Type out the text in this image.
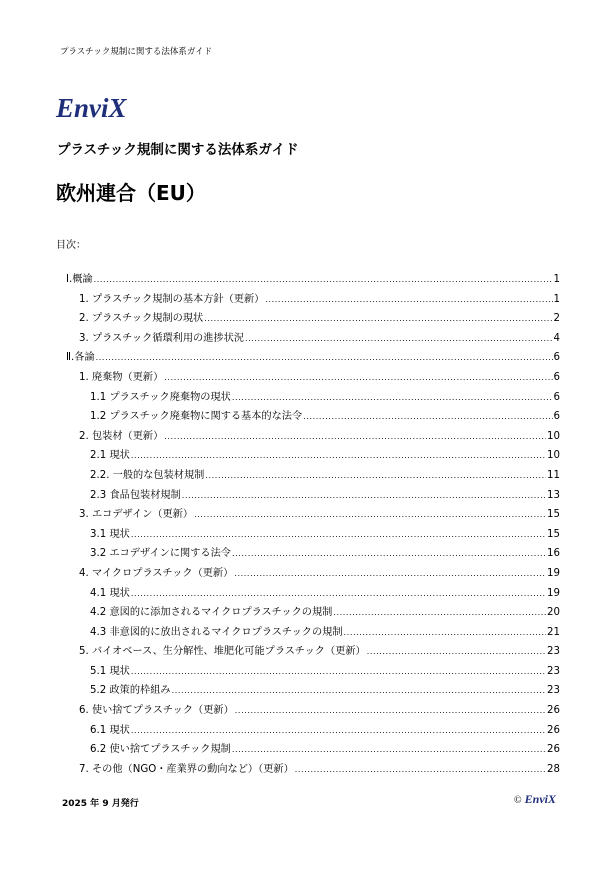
プラスチック規制に関する法体系ガイド
EnviX
プラスチック規制に関する法体系ガイド
欧州連合（EU）
目次：
Ⅰ.概論 .....	1
1. プラスチック規制の基本方針（更新） .....	1
2. プラスチック規制の現状 .....	2
3. プラスチック循環利用の進捗状況 .....	4
Ⅱ.各論 .....	6
1. 廃棄物（更新） .....	6
1.1 プラスチック廃棄物の現状 .....	6
1.2 プラスチック廃棄物に関する基本的な法令 .....	6
2. 包装材（更新） .....	10
2.1 現状 .....	10
2.2. 一般的な包装材規制 .....	11
2.3 食品包装材規制 .....	13
3. エコデザイン（更新） .....	15
3.1 現状 .....	15
3.2 エコデザインに関する法令 .....	16
4. マイクロプラスチック（更新） .....	19
4.1 現状 .....	19
4.2 意図的に添加されるマイクロプラスチックの規制 .....	20
4.3 非意図的に放出されるマイクロプラスチックの規制 .....	21
5. バイオベース、生分解性、堆肥化可能プラスチック（更新） .....	23
5.1 現状 .....	23
5.2 政策的枠組み .....	23
6. 使い捨てプラスチック（更新） .....	26
6.1 現状 .....	26
6.2 使い捨てプラスチック規制 .....	26
7. その他（NGO・産業界の動向など）（更新） .....	28
2025 年 9 月発行	© EnviX
